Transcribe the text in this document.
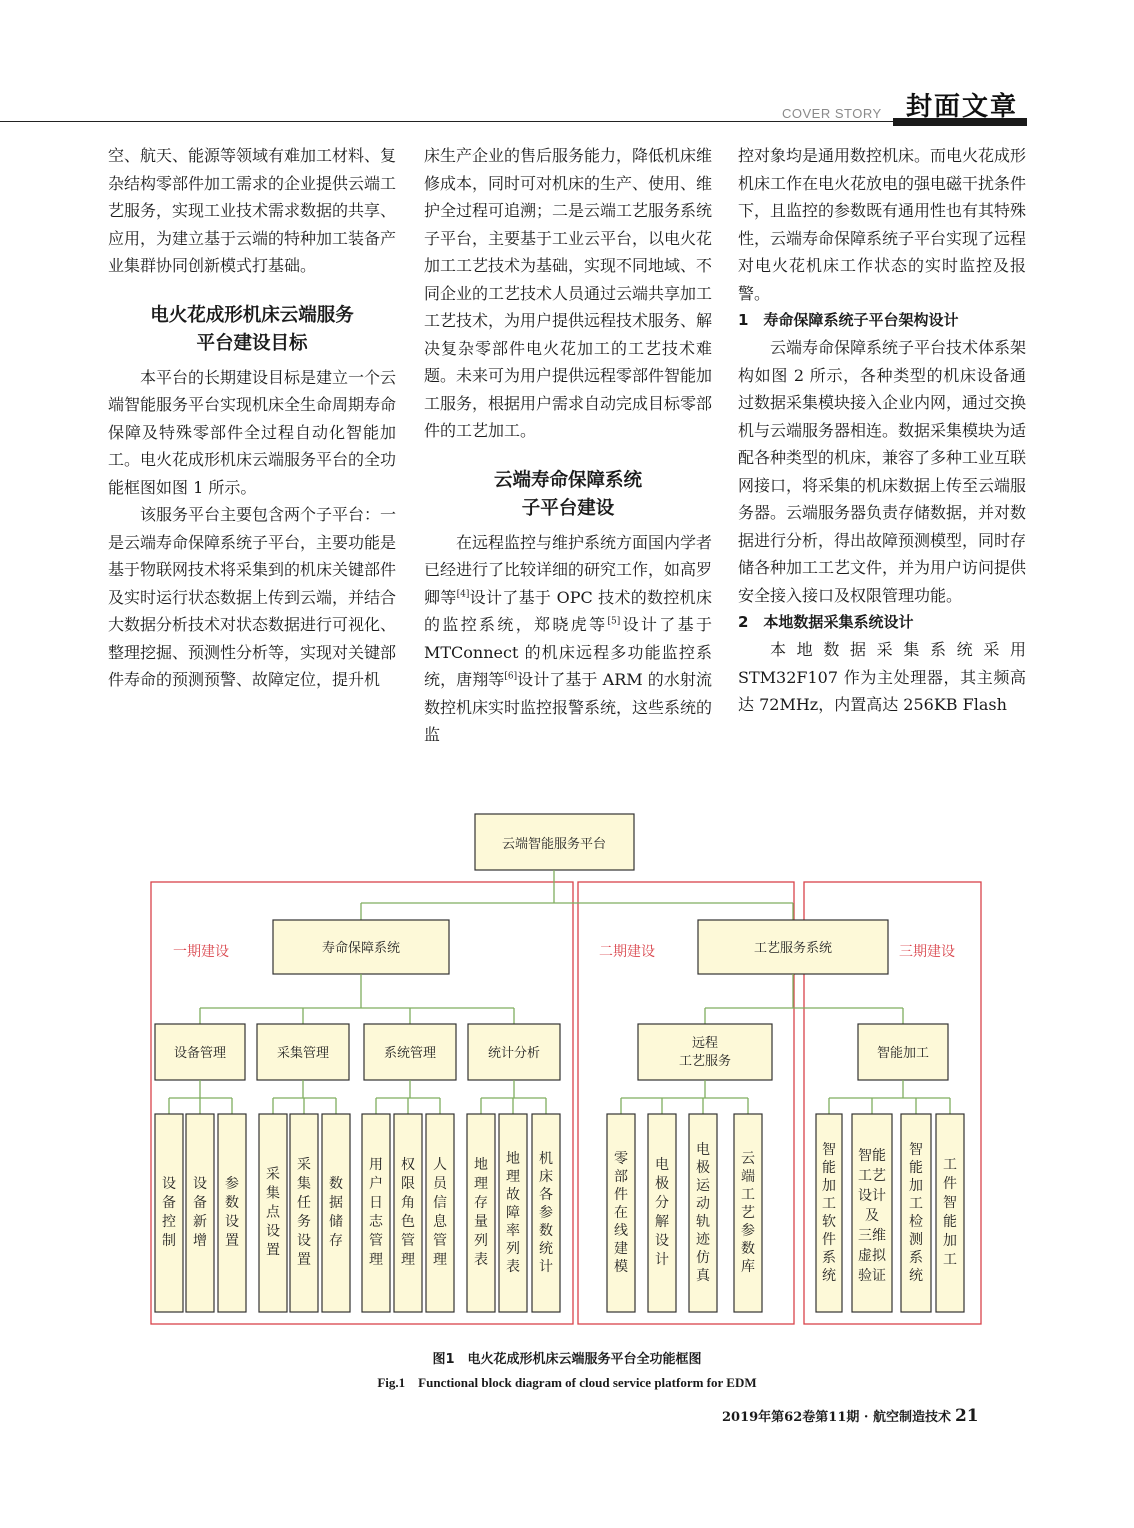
COVER STORY 封面文章

空、航天、能源等领域有难加工材料、复杂结构零部件加工需求的企业提供云端工艺服务，实现工业技术需求数据的共享、应用，为建立基于云端的特种加工装备产业集群协同创新模式打基础。

电火花成形机床云端服务
平台建设目标

本平台的长期建设目标是建立一个云端智能服务平台实现机床全生命周期寿命保障及特殊零部件全过程自动化智能加工。电火花成形机床云端服务平台的全功能框图如图 1 所示。

该服务平台主要包含两个子平台：一是云端寿命保障系统子平台，主要功能是基于物联网技术将采集到的机床关键部件及实时运行状态数据上传到云端，并结合大数据分析技术对状态数据进行可视化、整理挖掘、预测性分析等，实现对关键部件寿命的预测预警、故障定位，提升机

床生产企业的售后服务能力，降低机床维修成本，同时可对机床的生产、使用、维护全过程可追溯；二是云端工艺服务系统子平台，主要基于工业云平台，以电火花加工工艺技术为基础，实现不同地域、不同企业的工艺技术人员通过云端共享加工工艺技术，为用户提供远程技术服务、解决复杂零部件电火花加工的工艺技术难题。未来可为用户提供远程零部件智能加工服务，根据用户需求自动完成目标零部件的工艺加工。

云端寿命保障系统
子平台建设

在远程监控与维护系统方面国内学者已经进行了比较详细的研究工作，如高罗卿等[4]设计了基于 OPC 技术的数控机床的监控系统，郑晓虎等[5]设计了基于 MTConnect 的机床远程多功能监控系统，唐翔等[6]设计了基于 ARM 的水射流数控机床实时监控报警系统，这些系统的监

控对象均是通用数控机床。而电火花成形机床工作在电火花放电的强电磁干扰条件下，且监控的参数既有通用性也有其特殊性，云端寿命保障系统子平台实现了远程对电火花机床工作状态的实时监控及报警。

1　寿命保障系统子平台架构设计

云端寿命保障系统子平台技术体系架构如图 2 所示，各种类型的机床设备通过数据采集模块接入企业内网，通过交换机与云端服务器相连。数据采集模块为适配各种类型的机床，兼容了多种工业互联网接口，将采集的机床数据上传至云端服务器。云端服务器负责存储数据，并对数据进行分析，得出故障预测模型，同时存储各种加工工艺文件，并为用户访问提供安全接入接口及权限管理功能。

2　本地数据采集系统设计

本地数据采集系统采用 STM32F107 作为主处理器，其主频高达 72MHz，内置高达 256KB Flash

云端智能服务平台
寿命保障系统	工艺服务系统
一期建设	二期建设	三期建设
设备管理	采集管理	系统管理	统计分析
远程
工艺服务
智能加工
设备控制
设备新增
参数设置
采集点设置
采集任务设置
数据储存
用户日志管理
权限角色管理
人员信息管理
地理存量列表
地理故障率列表
机床各参数统计
零部件在线建模
电极分解设计
电极运动轨迹仿真
云端工艺参数库
智能加工软件系统
智能工艺设计及三维虚拟验证
智能加工检测系统
工件智能加工
图1　电火花成形机床云端服务平台全功能框图
Fig.1　Functional block diagram of cloud service platform for EDM
2019年第62卷第11期 · 航空制造技术 21
